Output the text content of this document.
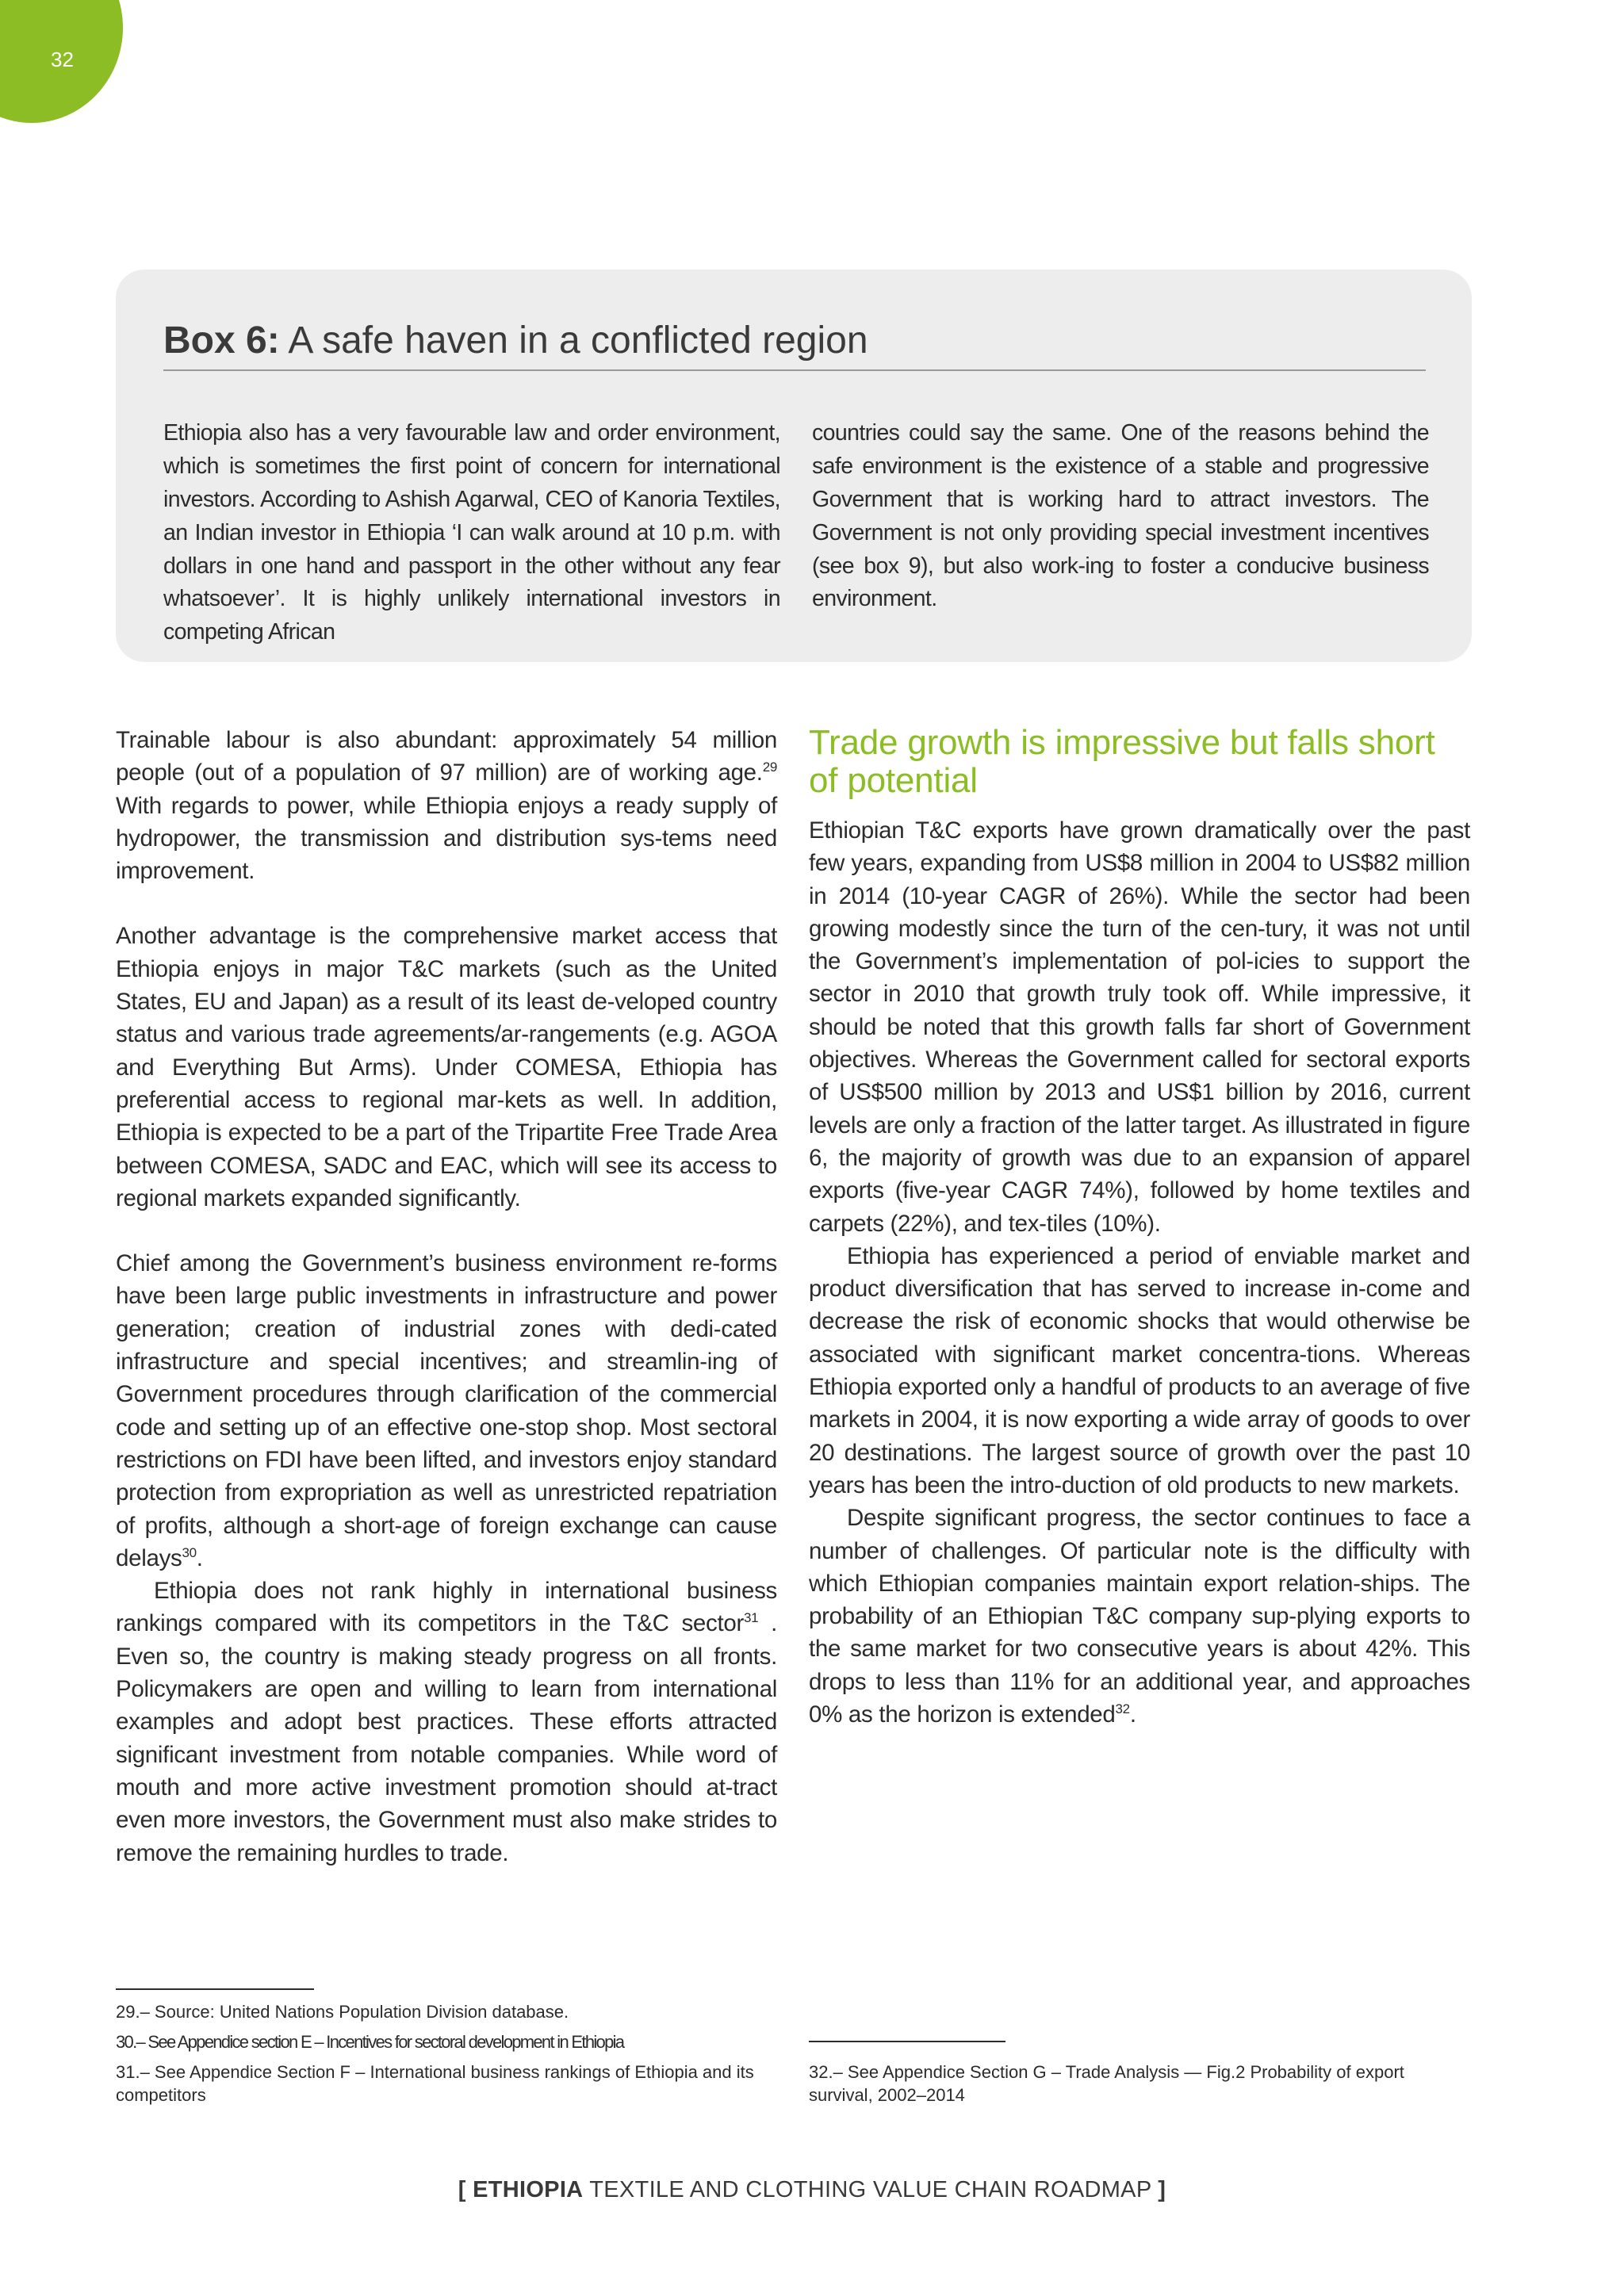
32
Box 6: A safe haven in a conflicted region

Ethiopia also has a very favourable law and order environment, which is sometimes the first point of concern for international investors. According to Ashish Agarwal, CEO of Kanoria Textiles, an Indian investor in Ethiopia ‘I can walk around at 10 p.m. with dollars in one hand and passport in the other without any fear whatsoever’. It is highly unlikely international investors in competing African

countries could say the same. One of the reasons behind the safe environment is the existence of a stable and progressive Government that is working hard to attract investors. The Government is not only providing special investment incentives (see box 9), but also work-ing to foster a conducive business environment.

Trainable labour is also abundant: approximately 54 million people (out of a population of 97 million) are of working age.$^{29}$ With regards to power, while Ethiopia enjoys a ready supply of hydropower, the transmission and distribution sys-tems need improvement.

Another advantage is the comprehensive market access that Ethiopia enjoys in major T&C markets (such as the United States, EU and Japan) as a result of its least de-veloped country status and various trade agreements/ar-rangements (e.g. AGOA and Everything But Arms). Under COMESA, Ethiopia has preferential access to regional mar-kets as well. In addition, Ethiopia is expected to be a part of the Tripartite Free Trade Area between COMESA, SADC and EAC, which will see its access to regional markets expanded significantly.

Chief among the Government’s business environment re-forms have been large public investments in infrastructure and power generation; creation of industrial zones with dedi-cated infrastructure and special incentives; and streamlin-ing of Government procedures through clarification of the commercial code and setting up of an effective one-stop shop. Most sectoral restrictions on FDI have been lifted, and investors enjoy standard protection from expropriation as well as unrestricted repatriation of profits, although a short-age of foreign exchange can cause delays$^{30}$.

Ethiopia does not rank highly in international business rankings compared with its competitors in the T&C sector$^{31}$ . Even so, the country is making steady progress on all fronts. Policymakers are open and willing to learn from international examples and adopt best practices. These efforts attracted significant investment from notable companies. While word of mouth and more active investment promotion should at-tract even more investors, the Government must also make strides to remove the remaining hurdles to trade.

Trade growth is impressive but falls short of potential

Ethiopian T&C exports have grown dramatically over the past few years, expanding from US$8 million in 2004 to US$82 million in 2014 (10-year CAGR of 26%). While the sector had been growing modestly since the turn of the cen-tury, it was not until the Government’s implementation of pol-icies to support the sector in 2010 that growth truly took off. While impressive, it should be noted that this growth falls far short of Government objectives. Whereas the Government called for sectoral exports of US$500 million by 2013 and US$1 billion by 2016, current levels are only a fraction of the latter target. As illustrated in figure 6, the majority of growth was due to an expansion of apparel exports (five-year CAGR 74%), followed by home textiles and carpets (22%), and tex-tiles (10%).

Ethiopia has experienced a period of enviable market and product diversification that has served to increase in-come and decrease the risk of economic shocks that would otherwise be associated with significant market concentra-tions. Whereas Ethiopia exported only a handful of products to an average of five markets in 2004, it is now exporting a wide array of goods to over 20 destinations. The largest source of growth over the past 10 years has been the intro-duction of old products to new markets.

Despite significant progress, the sector continues to face a number of challenges. Of particular note is the difficulty with which Ethiopian companies maintain export relation-ships. The probability of an Ethiopian T&C company sup-plying exports to the same market for two consecutive years is about 42%. This drops to less than 11% for an additional year, and approaches 0% as the horizon is extended$^{32}$.

29.– Source: United Nations Population Division database.

30.– See Appendice section E – Incentives for sectoral development in Ethiopia

31.– See Appendice Section F – International business rankings of Ethiopia and its competitors

32.– See Appendice Section G – Trade Analysis — Fig.2 Probability of export survival, 2002–2014

[ ETHIOPIA TEXTILE AND CLOTHING VALUE CHAIN ROADMAP ]
